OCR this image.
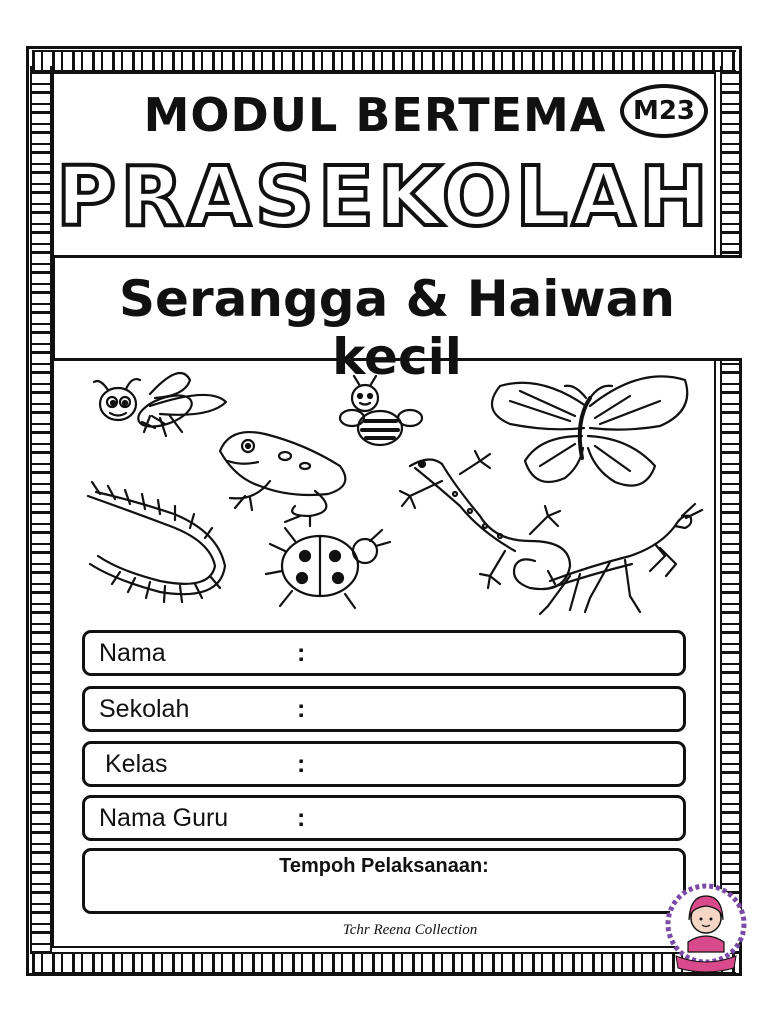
MODUL BERTEMA	M23
PRASEKOLAH
Serangga & Haiwan kecil
Nama	:
Sekolah	:
Kelas	:
Nama Guru	:
Tempoh Pelaksanaan:
Tchr Reena Collection
